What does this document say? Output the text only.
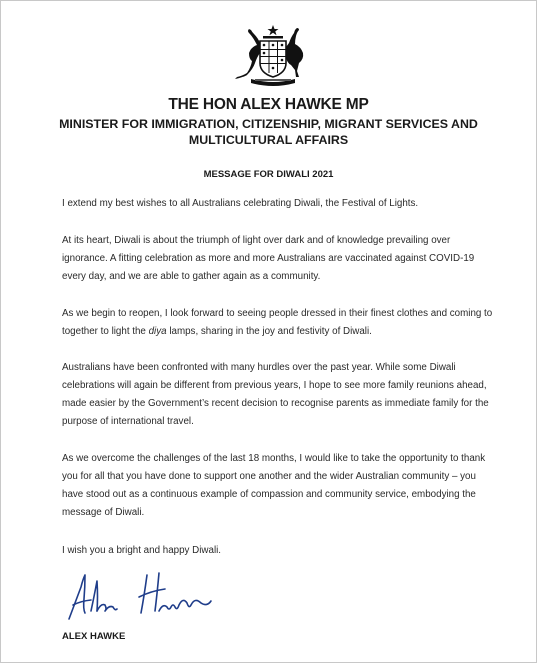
THE HON ALEX HAWKE MP
MINISTER FOR IMMIGRATION, CITIZENSHIP, MIGRANT SERVICES AND MULTICULTURAL AFFAIRS
MESSAGE FOR DIWALI 2021
I extend my best wishes to all Australians celebrating Diwali, the Festival of Lights.
At its heart, Diwali is about the triumph of light over dark and of knowledge prevailing over ignorance. A fitting celebration as more and more Australians are vaccinated against COVID-19 every day, and we are able to gather again as a community.
As we begin to reopen, I look forward to seeing people dressed in their finest clothes and coming to together to light the diya lamps, sharing in the joy and festivity of Diwali.
Australians have been confronted with many hurdles over the past year. While some Diwali celebrations will again be different from previous years, I hope to see more family reunions ahead, made easier by the Government’s recent decision to recognise parents as immediate family for the purpose of international travel.
As we overcome the challenges of the last 18 months, I would like to take the opportunity to thank you for all that you have done to support one another and the wider Australian community – you have stood out as a continuous example of compassion and community service, embodying the message of Diwali.
I wish you a bright and happy Diwali.
ALEX HAWKE
